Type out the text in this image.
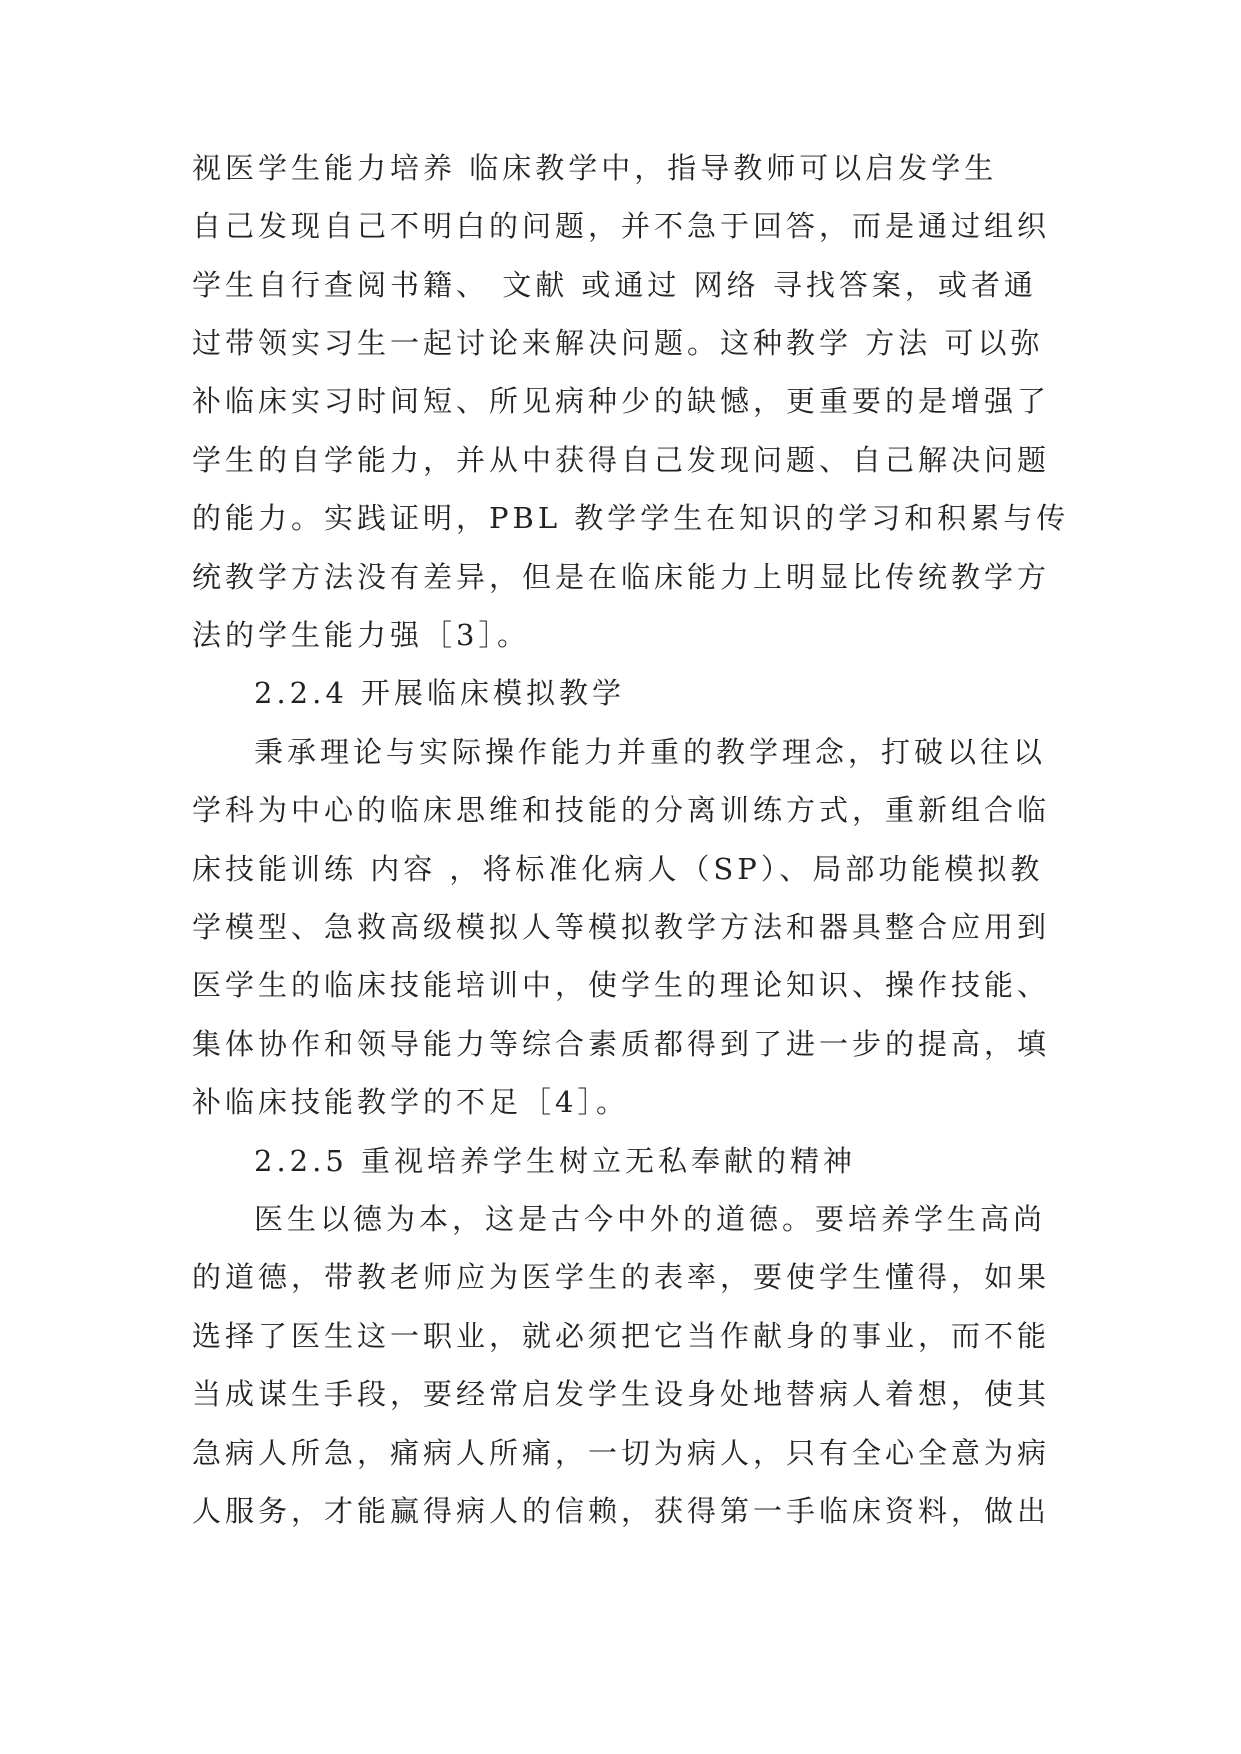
视医学生能力培养 临床教学中，指导教师可以启发学生
自己发现自己不明白的问题，并不急于回答，而是通过组织
学生自行查阅书籍、 文献 或通过 网络 寻找答案，或者通
过带领实习生一起讨论来解决问题。这种教学 方法 可以弥
补临床实习时间短、所见病种少的缺憾，更重要的是增强了
学生的自学能力，并从中获得自己发现问题、自己解决问题
的能力。实践证明，PBL 教学学生在知识的学习和积累与传
统教学方法没有差异，但是在临床能力上明显比传统教学方
法的学生能力强［3］。
2.2.4 开展临床模拟教学
秉承理论与实际操作能力并重的教学理念，打破以往以
学科为中心的临床思维和技能的分离训练方式，重新组合临
床技能训练 内容 ，将标准化病人（SP）、局部功能模拟教
学模型、急救高级模拟人等模拟教学方法和器具整合应用到
医学生的临床技能培训中，使学生的理论知识、操作技能、
集体协作和领导能力等综合素质都得到了进一步的提高，填
补临床技能教学的不足［4］。
2.2.5 重视培养学生树立无私奉献的精神
医生以德为本，这是古今中外的道德。要培养学生高尚
的道德，带教老师应为医学生的表率，要使学生懂得，如果
选择了医生这一职业，就必须把它当作献身的事业，而不能
当成谋生手段，要经常启发学生设身处地替病人着想，使其
急病人所急，痛病人所痛，一切为病人，只有全心全意为病
人服务，才能赢得病人的信赖，获得第一手临床资料，做出
